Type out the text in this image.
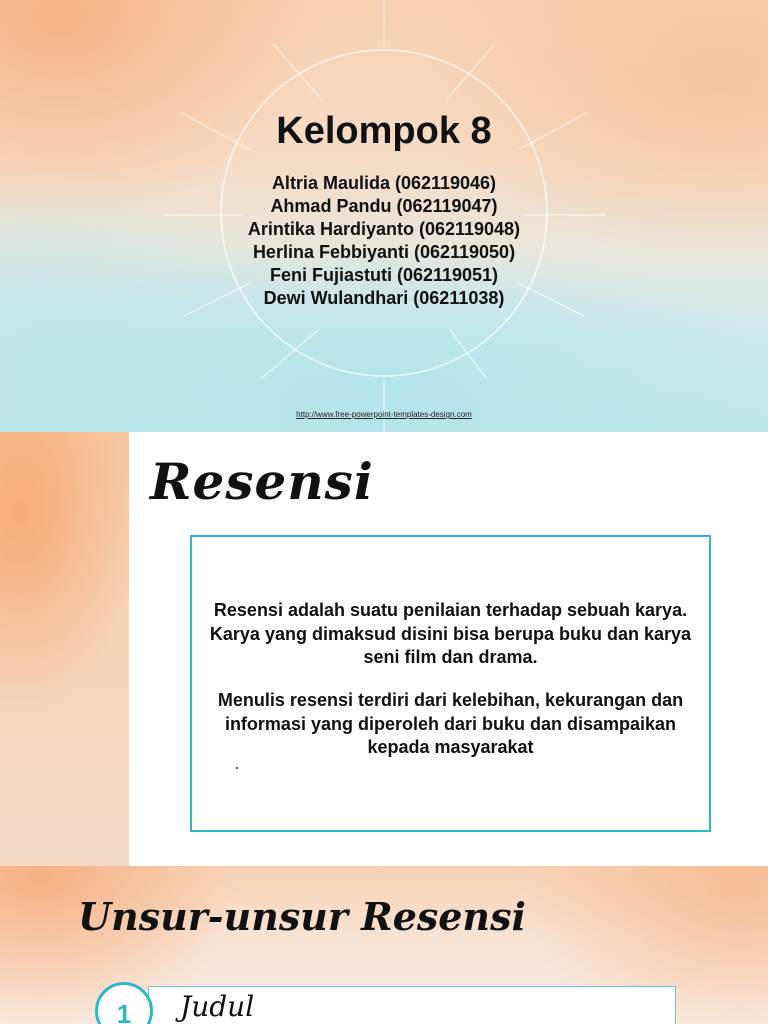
Kelompok 8
Altria Maulida (062119046)
Ahmad Pandu (062119047)
Arintika Hardiyanto (062119048)
Herlina Febbiyanti (062119050)
Feni Fujiastuti (062119051)
Dewi Wulandhari (06211038)
http://www.free-powerpoint-templates-design.com
Resensi

Resensi adalah suatu penilaian terhadap sebuah karya. Karya yang dimaksud disini bisa berupa buku dan karya seni film dan drama.

Menulis resensi terdiri dari kelebihan, kekurangan dan informasi yang diperoleh dari buku dan disampaikan kepada masyarakat

Unsur-unsur Resensi
1	Judul
